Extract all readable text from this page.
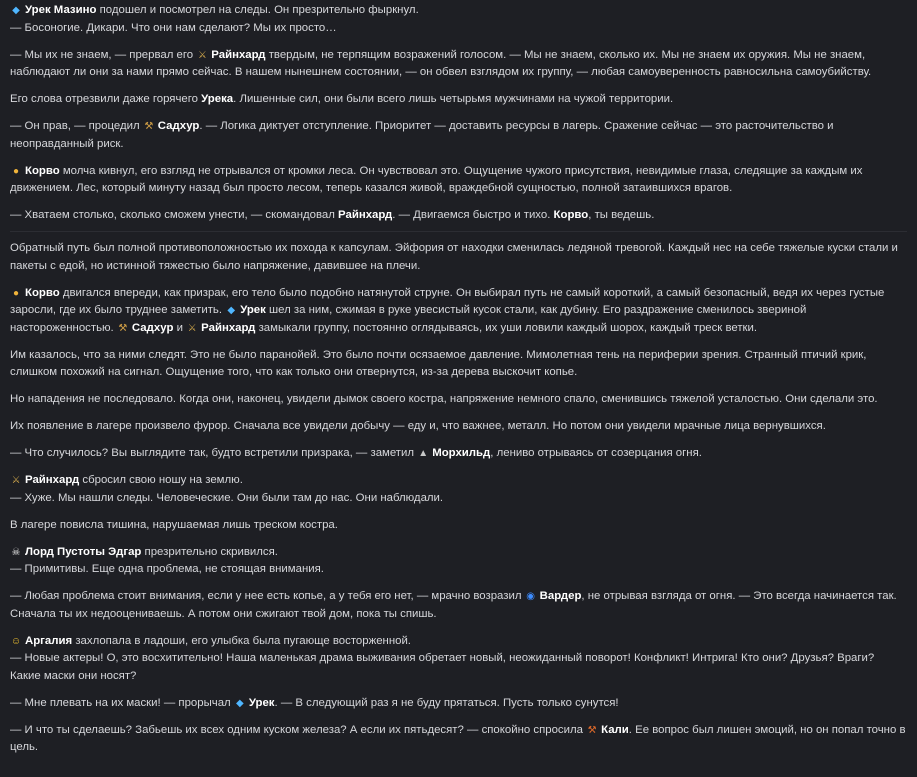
◆ Урек Мазино подошел и посмотрел на следы. Он презрительно фыркнул.
— Босоногие. Дикари. Что они нам сделают? Мы их просто…
— Мы их не знаем, — прервал его ⚔ Райнхард твердым, не терпящим возражений голосом. — Мы не знаем, сколько их. Мы не знаем их оружия. Мы не знаем, наблюдают ли они за нами прямо сейчас. В нашем нынешнем состоянии, — он обвел взглядом их группу, — любая самоуверенность равносильна самоубийству.
Его слова отрезвили даже горячего Урека. Лишенные сил, они были всего лишь четырьмя мужчинами на чужой территории.
— Он прав, — процедил ⚒ Садхур. — Логика диктует отступление. Приоритет — доставить ресурсы в лагерь. Сражение сейчас — это расточительство и неоправданный риск.
● Корво молча кивнул, его взгляд не отрывался от кромки леса. Он чувствовал это. Ощущение чужого присутствия, невидимые глаза, следящие за каждым их движением. Лес, который минуту назад был просто лесом, теперь казался живой, враждебной сущностью, полной затаившихся врагов.
— Хватаем столько, сколько сможем унести, — скомандовал Райнхард. — Двигаемся быстро и тихо. Корво, ты ведешь.
Обратный путь был полной противоположностью их похода к капсулам. Эйфория от находки сменилась ледяной тревогой. Каждый нес на себе тяжелые куски стали и пакеты с едой, но истинной тяжестью было напряжение, давившее на плечи.
● Корво двигался впереди, как призрак, его тело было подобно натянутой струне. Он выбирал путь не самый короткий, а самый безопасный, ведя их через густые заросли, где их было труднее заметить. ◆ Урек шел за ним, сжимая в руке увесистый кусок стали, как дубину. Его раздражение сменилось звериной настороженностью. ⚒ Садхур и ⚔ Райнхард замыкали группу, постоянно оглядываясь, их уши ловили каждый шорох, каждый треск ветки.
Им казалось, что за ними следят. Это не было паранойей. Это было почти осязаемое давление. Мимолетная тень на периферии зрения. Странный птичий крик, слишком похожий на сигнал. Ощущение того, что как только они отвернутся, из-за дерева выскочит копье.
Но нападения не последовало. Когда они, наконец, увидели дымок своего костра, напряжение немного спало, сменившись тяжелой усталостью. Они сделали это.
Их появление в лагере произвело фурор. Сначала все увидели добычу — еду и, что важнее, металл. Но потом они увидели мрачные лица вернувшихся.
— Что случилось? Вы выглядите так, будто встретили призрака, — заметил ▲ Морхильд, лениво отрываясь от созерцания огня.
⚔ Райнхард сбросил свою ношу на землю.
— Хуже. Мы нашли следы. Человеческие. Они были там до нас. Они наблюдали.
В лагере повисла тишина, нарушаемая лишь треском костра.
☠ Лорд Пустоты Эдгар презрительно скривился.
— Примитивы. Еще одна проблема, не стоящая внимания.
— Любая проблема стоит внимания, если у нее есть копье, а у тебя его нет, — мрачно возразил ◉ Вардер, не отрывая взгляда от огня. — Это всегда начинается так. Сначала ты их недооцениваешь. А потом они сжигают твой дом, пока ты спишь.
☺ Аргалия захлопала в ладоши, его улыбка была пугающе восторженной.
— Новые актеры! О, это восхитительно! Наша маленькая драма выживания обретает новый, неожиданный поворот! Конфликт! Интрига! Кто они? Друзья? Враги? Какие маски они носят?
— Мне плевать на их маски! — прорычал ◆ Урек. — В следующий раз я не буду прятаться. Пусть только сунутся!
— И что ты сделаешь? Забьешь их всех одним куском железа? А если их пятьдесят? — спокойно спросила ⚒ Кали. Ее вопрос был лишен эмоций, но он попал точно в цель.
